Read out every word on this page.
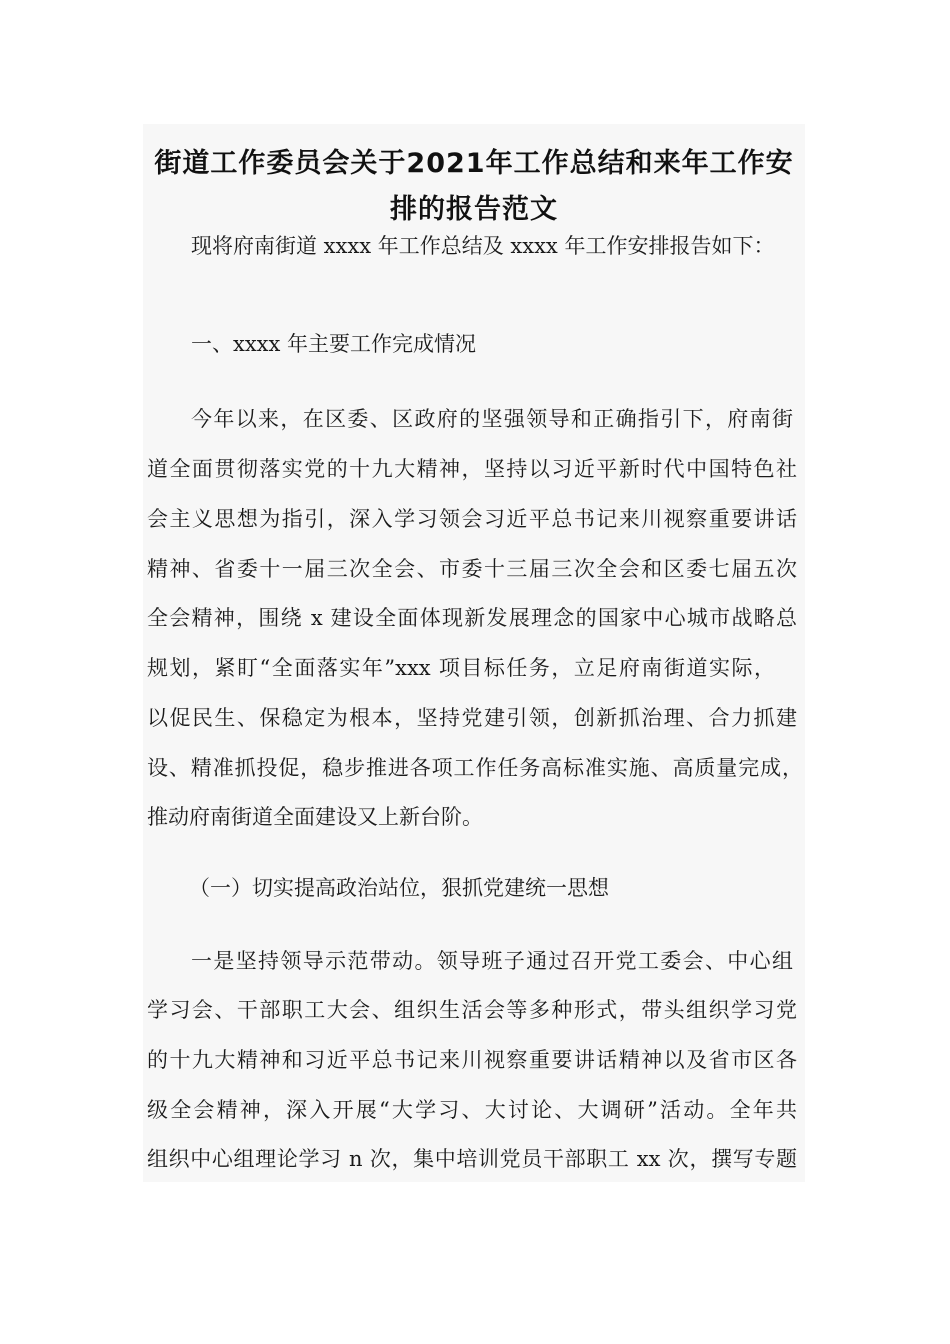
街道工作委员会关于2021年工作总结和来年工作安
排的报告范文
现将府南街道 xxxx 年工作总结及 xxxx 年工作安排报告如下：
一、xxxx 年主要工作完成情况
今年以来，在区委、区政府的坚强领导和正确指引下，府南街
道全面贯彻落实党的十九大精神，坚持以习近平新时代中国特色社
会主义思想为指引，深入学习领会习近平总书记来川视察重要讲话
精神、省委十一届三次全会、市委十三届三次全会和区委七届五次
全会精神，围绕 x 建设全面体现新发展理念的国家中心城市战略总
规划，紧盯“全面落实年”xxx 项目标任务，立足府南街道实际，
以促民生、保稳定为根本，坚持党建引领，创新抓治理、合力抓建
设、精准抓投促，稳步推进各项工作任务高标准实施、高质量完成，
推动府南街道全面建设又上新台阶。
（一）切实提高政治站位，狠抓党建统一思想
一是坚持领导示范带动。领导班子通过召开党工委会、中心组
学习会、干部职工大会、组织生活会等多种形式，带头组织学习党
的十九大精神和习近平总书记来川视察重要讲话精神以及省市区各
级全会精神，深入开展“大学习、大讨论、大调研”活动。全年共
组织中心组理论学习 n 次，集中培训党员干部职工 xx 次，撰写专题
